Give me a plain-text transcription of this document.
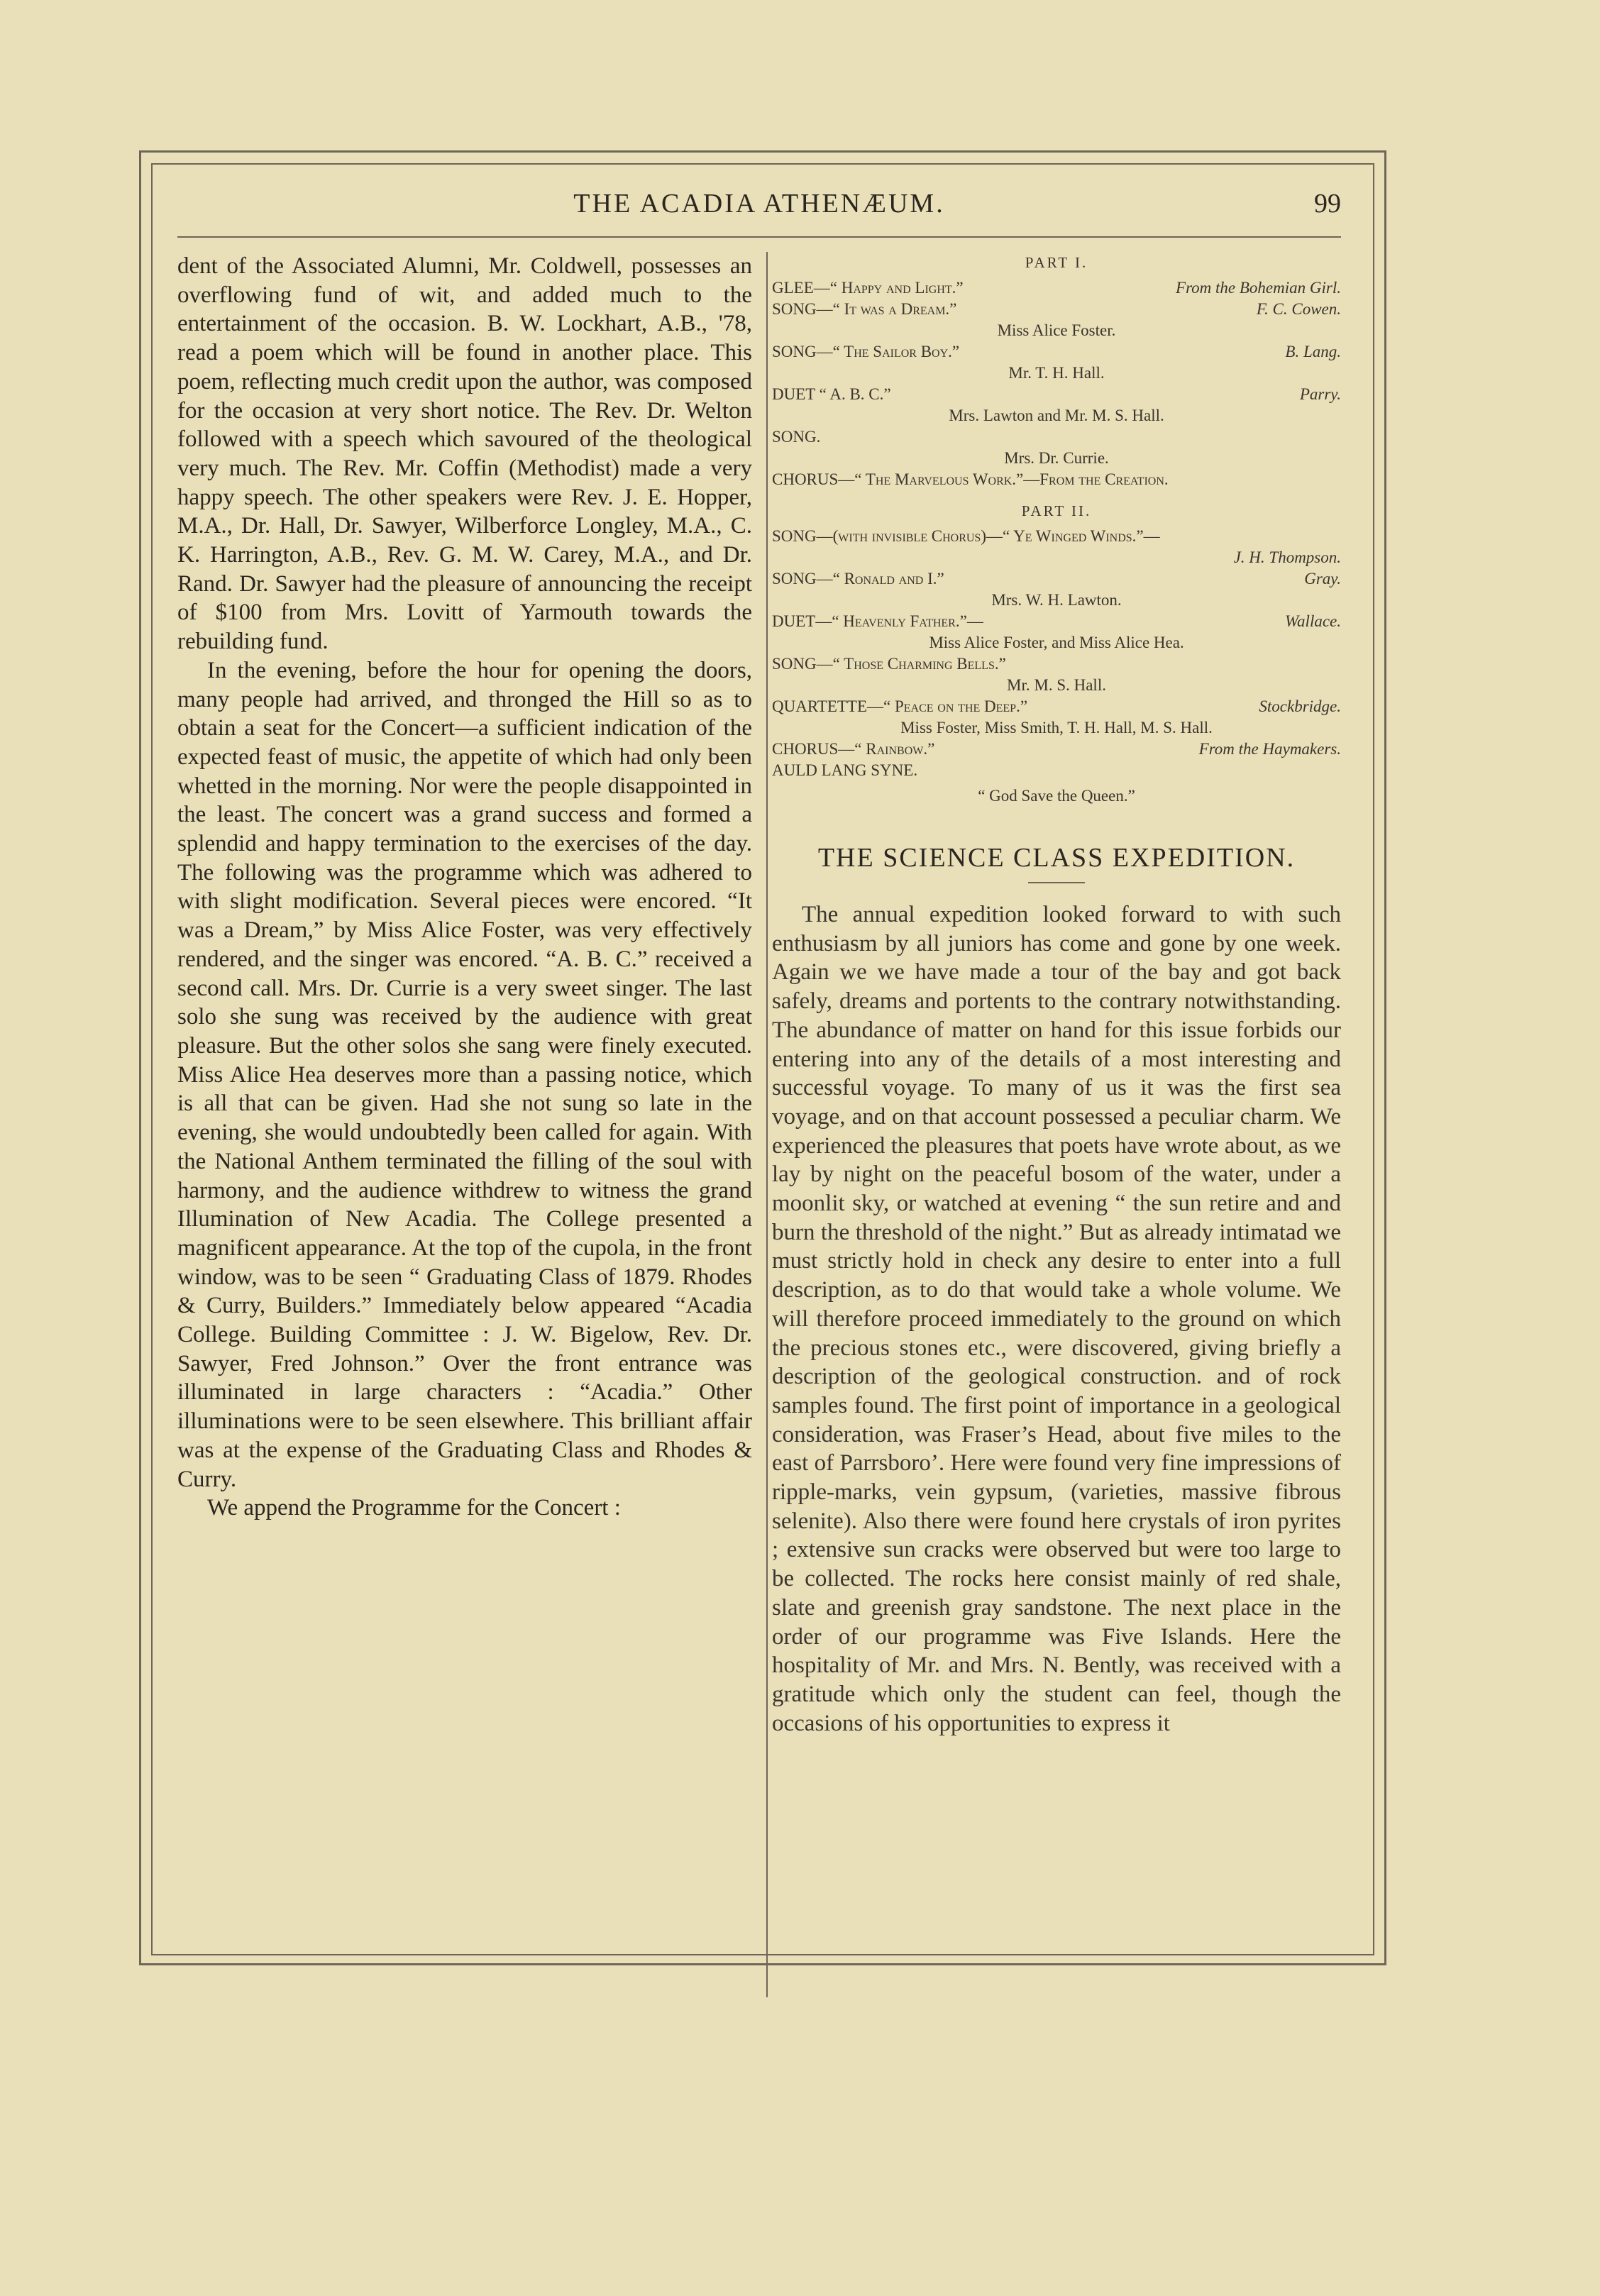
THE ACADIA ATHENÆUM.	99

dent of the Associated Alumni, Mr. Coldwell, possesses an overflowing fund of wit, and added much to the entertainment of the occasion. B. W. Lockhart, A.B., '78, read a poem which will be found in another place. This poem, reflecting much credit upon the author, was composed for the occasion at very short notice. The Rev. Dr. Welton followed with a speech which savoured of the theological very much. The Rev. Mr. Coffin (Methodist) made a very happy speech. The other speakers were Rev. J. E. Hopper, M.A., Dr. Hall, Dr. Sawyer, Wilberforce Longley, M.A., C. K. Harrington, A.B., Rev. G. M. W. Carey, M.A., and Dr. Rand. Dr. Sawyer had the pleasure of announcing the receipt of $100 from Mrs. Lovitt of Yarmouth towards the rebuilding fund.

In the evening, before the hour for opening the doors, many people had arrived, and thronged the Hill so as to obtain a seat for the Concert—a sufficient indication of the expected feast of music, the appetite of which had only been whetted in the morning. Nor were the people disappointed in the least. The concert was a grand success and formed a splendid and happy termination to the exercises of the day. The following was the programme which was adhered to with slight modification. Several pieces were encored. “It was a Dream,” by Miss Alice Foster, was very effectively rendered, and the singer was encored. “A. B. C.” received a second call. Mrs. Dr. Currie is a very sweet singer. The last solo she sung was received by the audience with great pleasure. But the other solos she sang were finely executed. Miss Alice Hea deserves more than a passing notice, which is all that can be given. Had she not sung so late in the evening, she would undoubtedly been called for again. With the National Anthem terminated the filling of the soul with harmony, and the audience withdrew to witness the grand Illumination of New Acadia. The College presented a magnificent appearance. At the top of the cupola, in the front window, was to be seen “ Graduating Class of 1879. Rhodes & Curry, Builders.” Immediately below appeared “Acadia College. Building Committee : J. W. Bigelow, Rev. Dr. Sawyer, Fred Johnson.” Over the front entrance was illuminated in large characters : “Acadia.” Other illuminations were to be seen elsewhere. This brilliant affair was at the expense of the Graduating Class and Rhodes & Curry.

We append the Programme for the Concert :

PART I.
GLEE—“ Happy and Light.”	From the Bohemian Girl.
SONG—“ It was a Dream.”	F. C. Cowen.
Miss Alice Foster.
SONG—“ The Sailor Boy.”	B. Lang.
Mr. T. H. Hall.
DUET “ A. B. C.”	Parry.
Mrs. Lawton and Mr. M. S. Hall.
SONG.
Mrs. Dr. Currie.
CHORUS—“ The Marvelous Work.”—From the Creation.
PART II.
SONG—(with invisible Chorus)—“ Ye Winged Winds.”—
J. H. Thompson.
SONG—“ Ronald and I.”	Gray.
Mrs. W. H. Lawton.
DUET—“ Heavenly Father.”—	Wallace.
Miss Alice Foster, and Miss Alice Hea.
SONG—“ Those Charming Bells.”
Mr. M. S. Hall.
QUARTETTE—“ Peace on the Deep.”	Stockbridge.
Miss Foster, Miss Smith, T. H. Hall, M. S. Hall.
CHORUS—“ Rainbow.”	From the Haymakers.
AULD LANG SYNE.
“ God Save the Queen.”
THE SCIENCE CLASS EXPEDITION.

The annual expedition looked forward to with such enthusiasm by all juniors has come and gone by one week. Again we we have made a tour of the bay and got back safely, dreams and portents to the contrary notwithstanding. The abundance of matter on hand for this issue forbids our entering into any of the details of a most interesting and successful voyage. To many of us it was the first sea voyage, and on that account possessed a peculiar charm. We experienced the pleasures that poets have wrote about, as we lay by night on the peaceful bosom of the water, under a moonlit sky, or watched at evening “ the sun retire and and burn the threshold of the night.” But as already intimatad we must strictly hold in check any desire to enter into a full description, as to do that would take a whole volume. We will therefore proceed immediately to the ground on which the precious stones etc., were discovered, giving briefly a description of the geological construction. and of rock samples found. The first point of importance in a geological consideration, was Fraser’s Head, about five miles to the east of Parrsboro’. Here were found very fine impressions of ripple-marks, vein gypsum, (varieties, massive fibrous selenite). Also there were found here crystals of iron pyrites ; extensive sun cracks were observed but were too large to be collected. The rocks here consist mainly of red shale, slate and greenish gray sandstone. The next place in the order of our programme was Five Islands. Here the hospitality of Mr. and Mrs. N. Bently, was received with a gratitude which only the student can feel, though the occasions of his opportunities to express it
